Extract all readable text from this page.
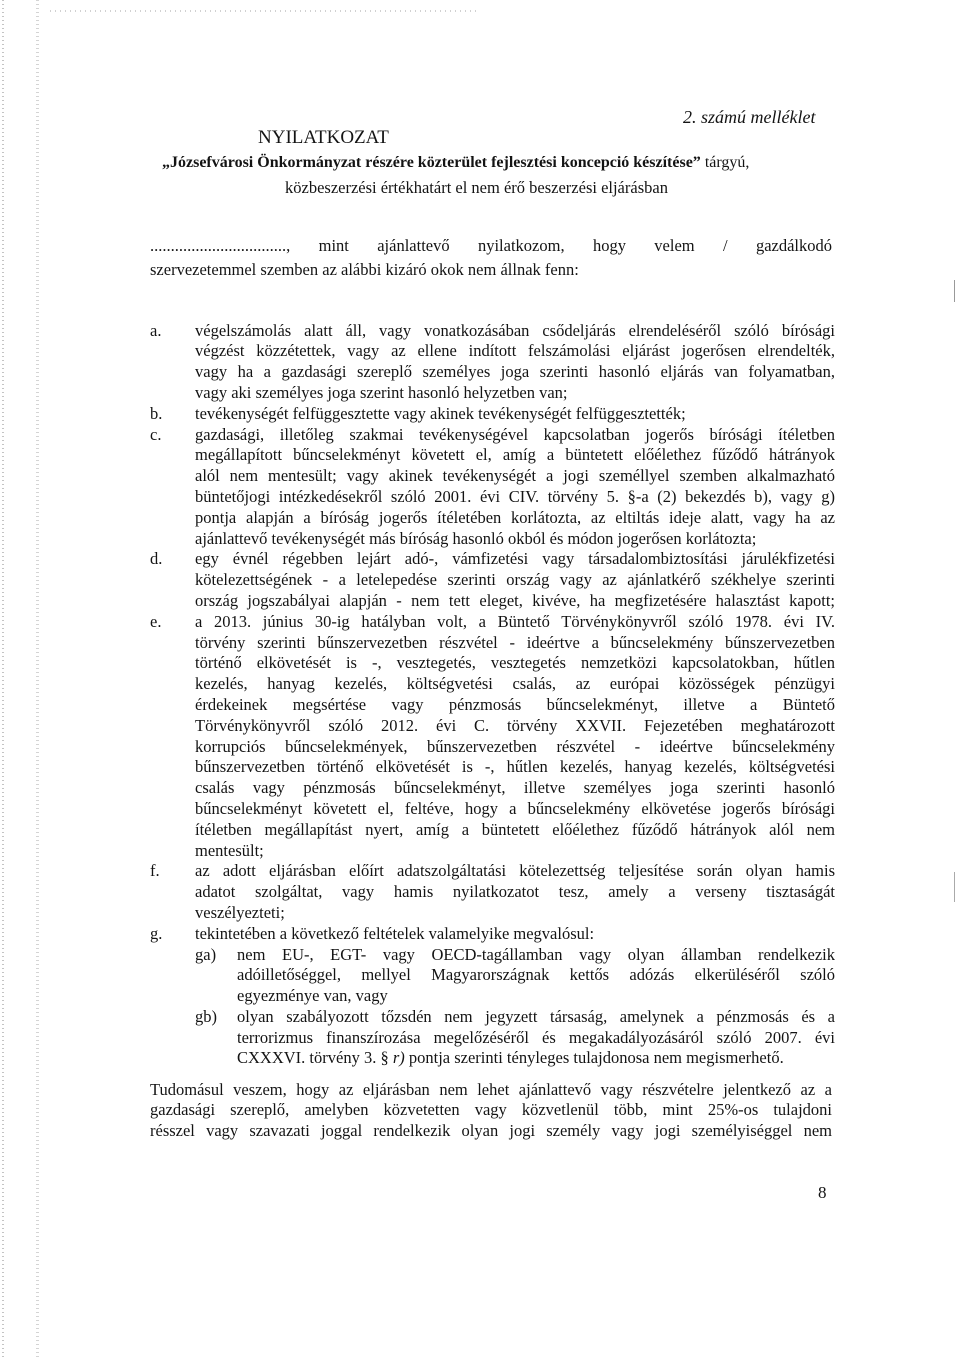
2. számú melléklet
NYILATKOZAT
„Józsefvárosi Önkormányzat részére közterület fejlesztési koncepció készítése” tárgyú,
közbeszerzési értékhatárt el nem érő beszerzési eljárásban
................................., mint ajánlattevő nyilatkozom, hogy velem / gazdálkodó
szervezetemmel szemben az alábbi kizáró okok nem állnak fenn:
a.	végelszámolás alatt áll, vagy vonatkozásában csődeljárás elrendeléséről szóló bírósági
végzést közzétettek, vagy az ellene indított felszámolási eljárást jogerősen elrendelték,
vagy ha a gazdasági szereplő személyes joga szerinti hasonló eljárás van folyamatban,
vagy aki személyes joga szerint hasonló helyzetben van;
b.	tevékenységét felfüggesztette vagy akinek tevékenységét felfüggesztették;
c.	gazdasági, illetőleg szakmai tevékenységével kapcsolatban jogerős bírósági ítéletben
megállapított bűncselekményt követett el, amíg a büntetett előélethez fűződő hátrányok
alól nem mentesült; vagy akinek tevékenységét a jogi személlyel szemben alkalmazható
büntetőjogi intézkedésekről szóló 2001. évi CIV. törvény 5. §-a (2) bekezdés b), vagy g)
pontja alapján a bíróság jogerős ítéletében korlátozta, az eltiltás ideje alatt, vagy ha az
ajánlattevő tevékenységét más bíróság hasonló okból és módon jogerősen korlátozta;
d.	egy évnél régebben lejárt adó-, vámfizetési vagy társadalombiztosítási járulékfizetési
kötelezettségének - a letelepedése szerinti ország vagy az ajánlatkérő székhelye szerinti
ország jogszabályai alapján - nem tett eleget, kivéve, ha megfizetésére halasztást kapott;
e.	a 2013. június 30-ig hatályban volt, a Büntető Törvénykönyvről szóló 1978. évi IV.
törvény szerinti bűnszervezetben részvétel - ideértve a bűncselekmény bűnszervezetben
történő elkövetését is -, vesztegetés, vesztegetés nemzetközi kapcsolatokban, hűtlen
kezelés, hanyag kezelés, költségvetési csalás, az európai közösségek pénzügyi
érdekeinek megsértése vagy pénzmosás bűncselekményt, illetve a Büntető
Törvénykönyvről szóló 2012. évi C. törvény XXVII. Fejezetében meghatározott
korrupciós bűncselekmények, bűnszervezetben részvétel - ideértve bűncselekmény
bűnszervezetben történő elkövetését is -, hűtlen kezelés, hanyag kezelés, költségvetési
csalás vagy pénzmosás bűncselekményt, illetve személyes joga szerinti hasonló
bűncselekményt követett el, feltéve, hogy a bűncselekmény elkövetése jogerős bírósági
ítéletben megállapítást nyert, amíg a büntetett előélethez fűződő hátrányok alól nem
mentesült;
f.	az adott eljárásban előírt adatszolgáltatási kötelezettség teljesítése során olyan hamis
adatot szolgáltat, vagy hamis nyilatkozatot tesz, amely a verseny tisztaságát
veszélyezteti;
g.	tekintetében a következő feltételek valamelyike megvalósul:
ga)	nem EU-, EGT- vagy OECD-tagállamban vagy olyan államban rendelkezik
adóilletőséggel, mellyel Magyarországnak kettős adózás elkerüléséről szóló
egyezménye van, vagy
gb)	olyan szabályozott tőzsdén nem jegyzett társaság, amelynek a pénzmosás és a
terrorizmus finanszírozása megelőzéséről és megakadályozásáról szóló 2007. évi
CXXXVI. törvény 3. § r) pontja szerinti tényleges tulajdonosa nem megismerhető.
Tudomásul veszem, hogy az eljárásban nem lehet ajánlattevő vagy részvételre jelentkező az a
gazdasági szereplő, amelyben közvetetten vagy közvetlenül több, mint 25%-os tulajdoni
résszel vagy szavazati joggal rendelkezik olyan jogi személy vagy jogi személyiséggel nem
8
